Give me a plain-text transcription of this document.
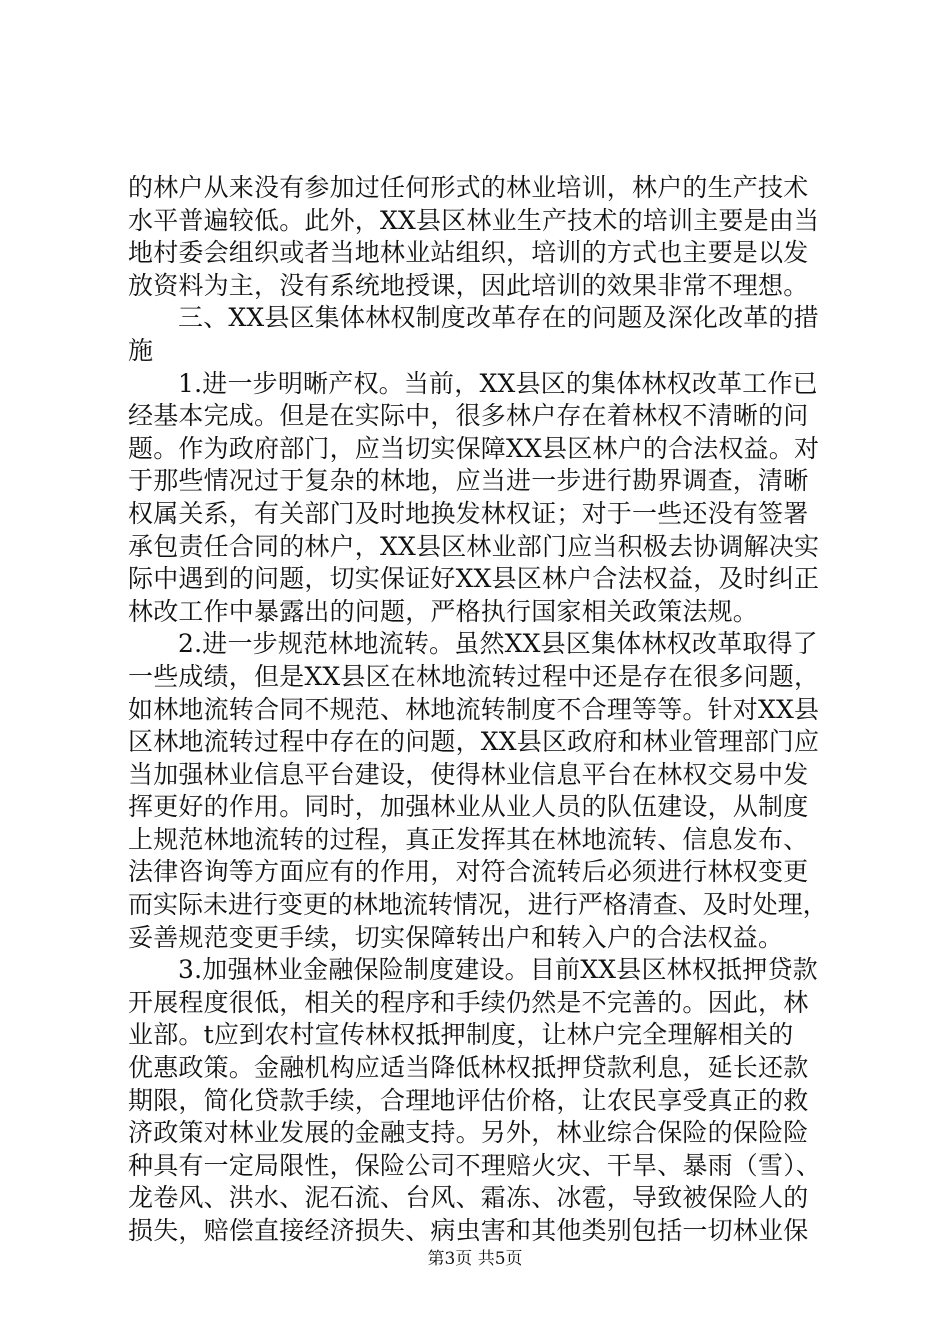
的林户从来没有参加过任何形式的林业培训，林户的生产技术
水平普遍较低。此外，XX县区林业生产技术的培训主要是由当
地村委会组织或者当地林业站组织，培训的方式也主要是以发
放资料为主，没有系统地授课，因此培训的效果非常不理想。
三、XX县区集体林权制度改革存在的问题及深化改革的措
施
1.进一步明晰产权。当前，XX县区的集体林权改革工作已
经基本完成。但是在实际中，很多林户存在着林权不清晰的问
题。作为政府部门，应当切实保障XX县区林户的合法权益。对
于那些情况过于复杂的林地，应当进一步进行勘界调查，清晰
权属关系，有关部门及时地换发林权证；对于一些还没有签署
承包责任合同的林户，XX县区林业部门应当积极去协调解决实
际中遇到的问题，切实保证好XX县区林户合法权益，及时纠正
林改工作中暴露出的问题，严格执行国家相关政策法规。
2.进一步规范林地流转。虽然XX县区集体林权改革取得了
一些成绩，但是XX县区在林地流转过程中还是存在很多问题，
如林地流转合同不规范、林地流转制度不合理等等。针对XX县
区林地流转过程中存在的问题，XX县区政府和林业管理部门应
当加强林业信息平台建设，使得林业信息平台在林权交易中发
挥更好的作用。同时，加强林业从业人员的队伍建设，从制度
上规范林地流转的过程，真正发挥其在林地流转、信息发布、
法律咨询等方面应有的作用，对符合流转后必须进行林权变更
而实际未进行变更的林地流转情况，进行严格清查、及时处理，
妥善规范变更手续，切实保障转出户和转入户的合法权益。
3.加强林业金融保险制度建设。目前XX县区林权抵押贷款
开展程度很低，相关的程序和手续仍然是不完善的。因此，林
业部。t应到农村宣传林权抵押制度，让林户完全理解相关的
优惠政策。金融机构应适当降低林权抵押贷款利息，延长还款
期限，简化贷款手续，合理地评估价格，让农民享受真正的救
济政策对林业发展的金融支持。另外，林业综合保险的保险险
种具有一定局限性，保险公司不理赔火灾、干旱、暴雨（雪）、
龙卷风、洪水、泥石流、台风、霜冻、冰雹，导致被保险人的
损失，赔偿直接经济损失、病虫害和其他类别包括一切林业保
第3页 共5页
